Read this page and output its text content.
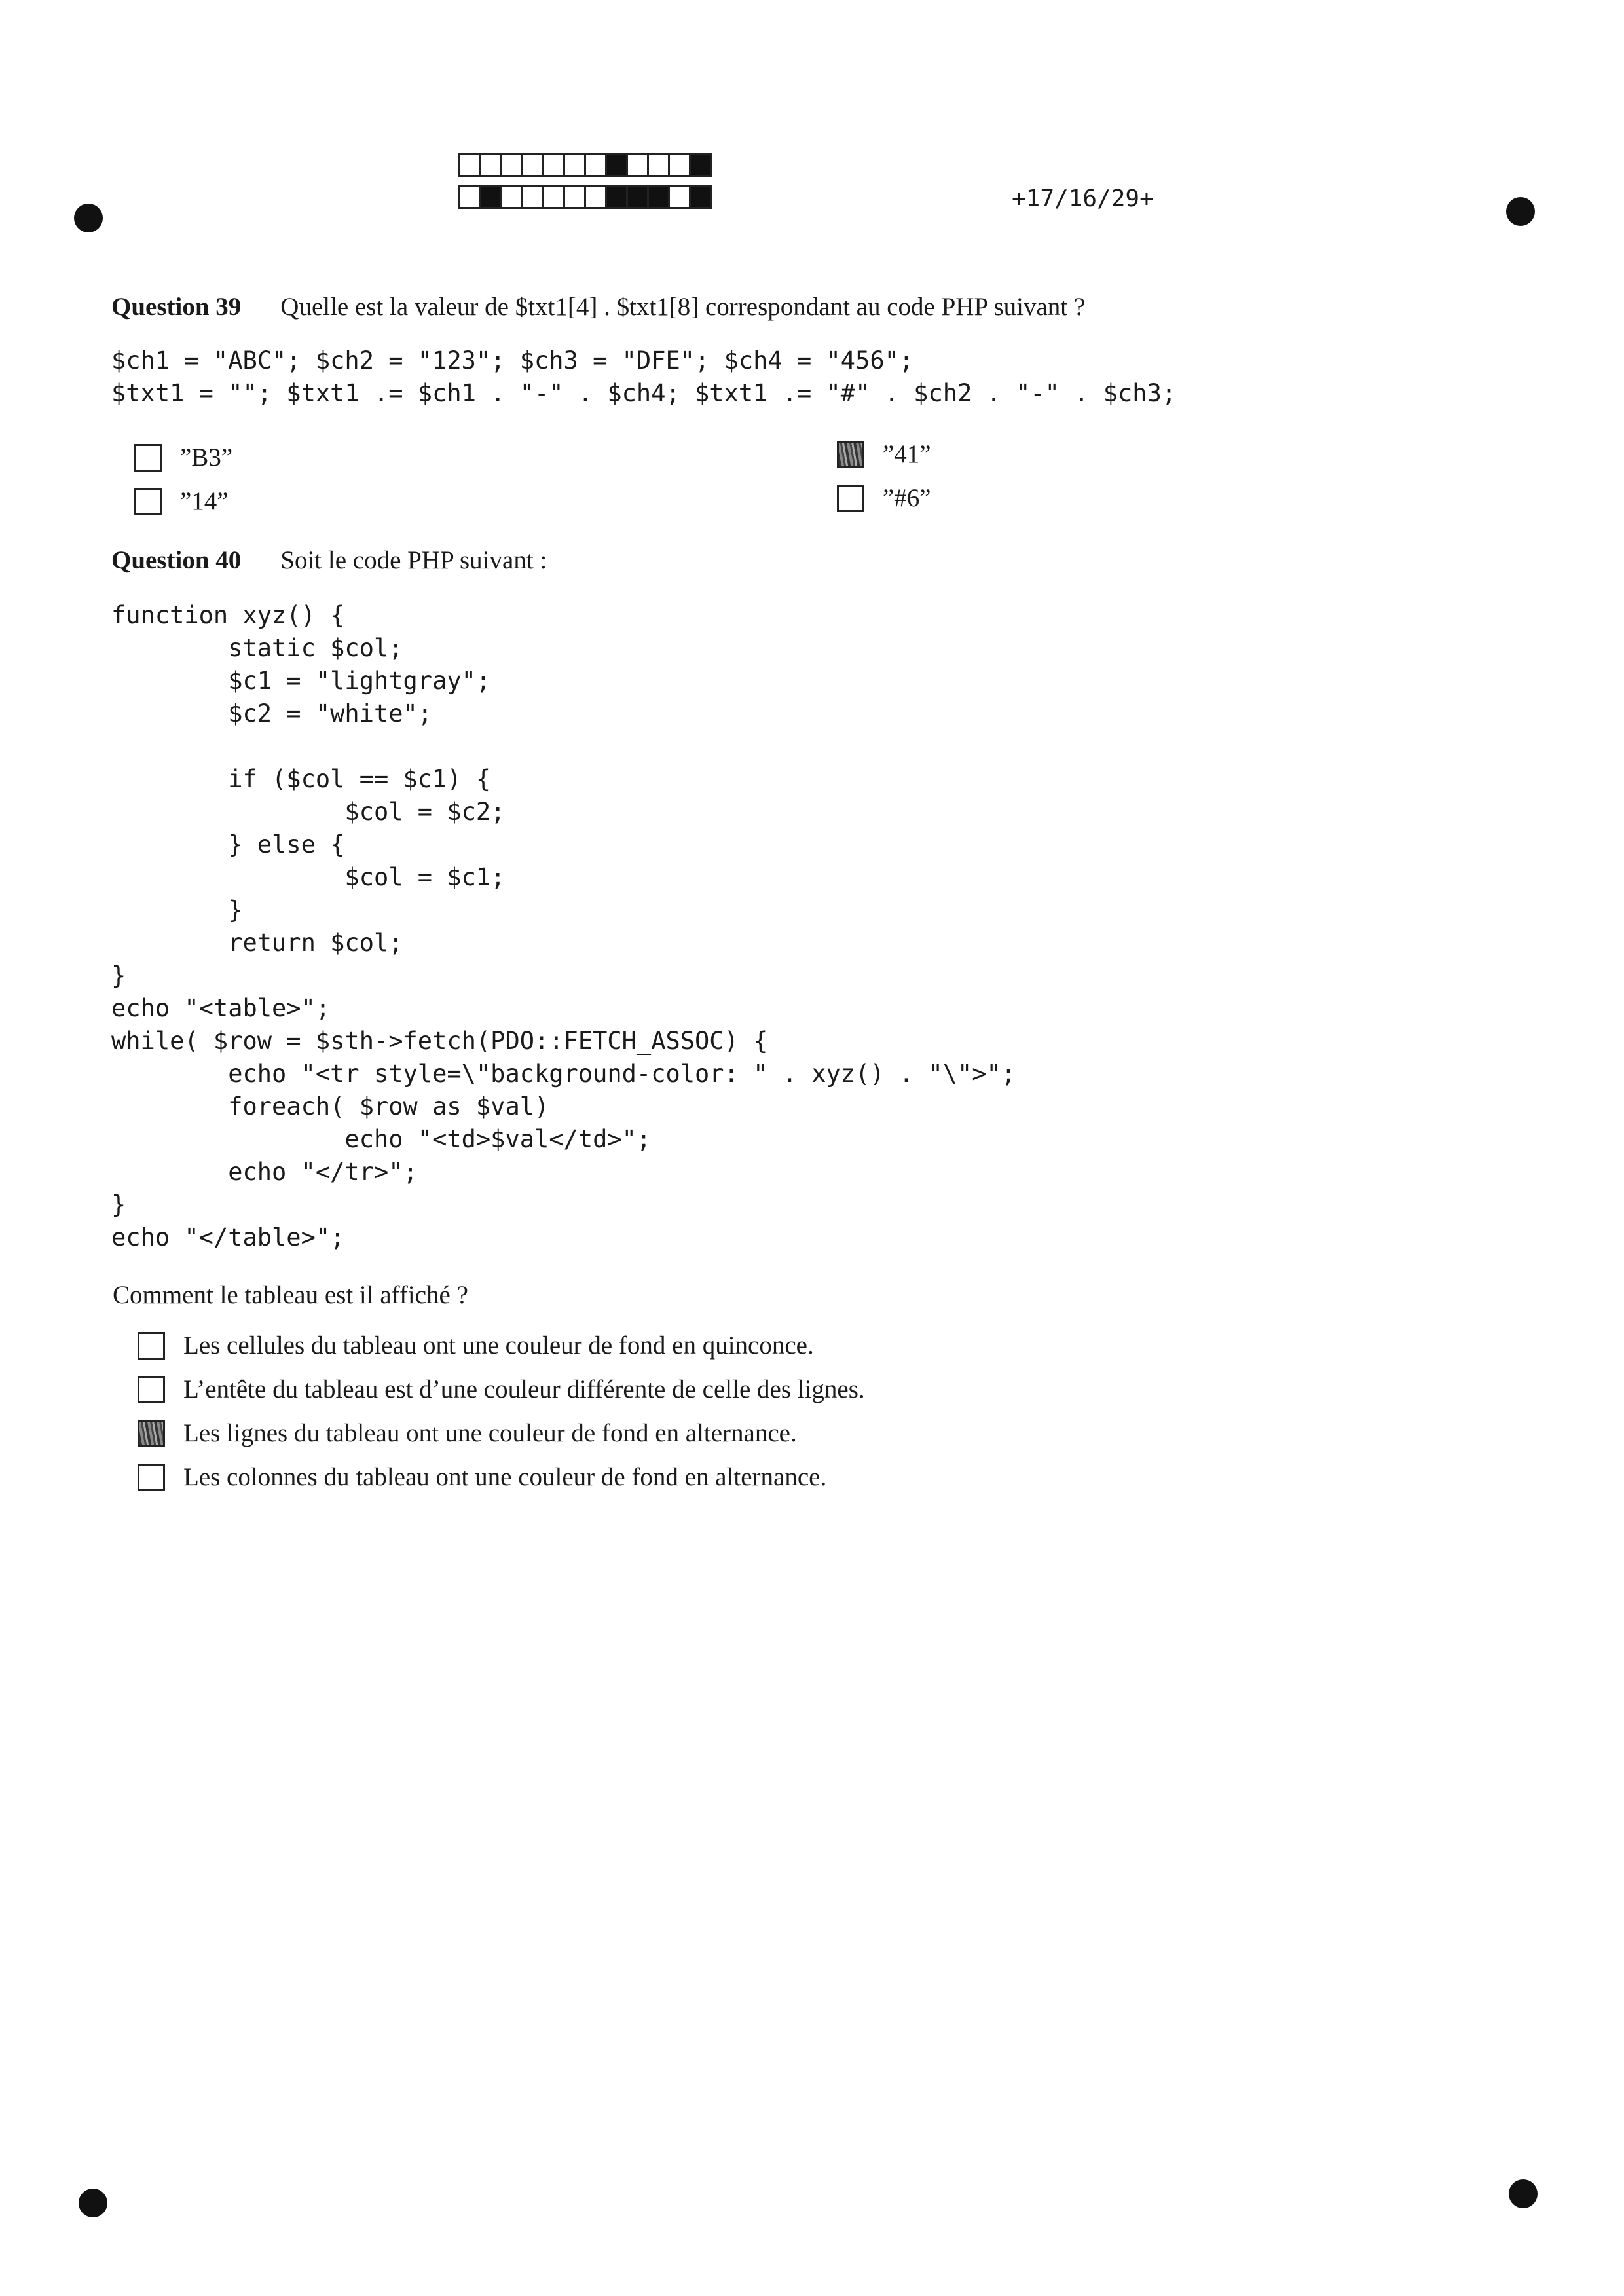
+17/16/29+
Question 39 Quelle est la valeur de $txt1[4] . $txt1[8] correspondant au code PHP suivant ?
$ch1 = "ABC"; $ch2 = "123"; $ch3 = "DFE"; $ch4 = "456";
$txt1 = ""; $txt1 .= $ch1 . "-" . $ch4; $txt1 .= "#" . $ch2 . "-" . $ch3;
”B3”	”41”
”14”	”#6”
Question 40 Soit le code PHP suivant :
function xyz() {
static $col;
$c1 = "lightgray";
$c2 = "white";

if ($col == $c1) {
$col = $c2;
} else {
$col = $c1;
}
return $col;
}
echo "<table>";
while( $row = $sth->fetch(PDO::FETCH_ASSOC) {
echo "<tr style=\"background-color: " . xyz() . "\">";
foreach( $row as $val)
echo "<td>$val</td>";
echo "</tr>";
}
echo "</table>";
Comment le tableau est il affiché ?
Les cellules du tableau ont une couleur de fond en quinconce.
L’entête du tableau est d’une couleur différente de celle des lignes.
Les lignes du tableau ont une couleur de fond en alternance.
Les colonnes du tableau ont une couleur de fond en alternance.
